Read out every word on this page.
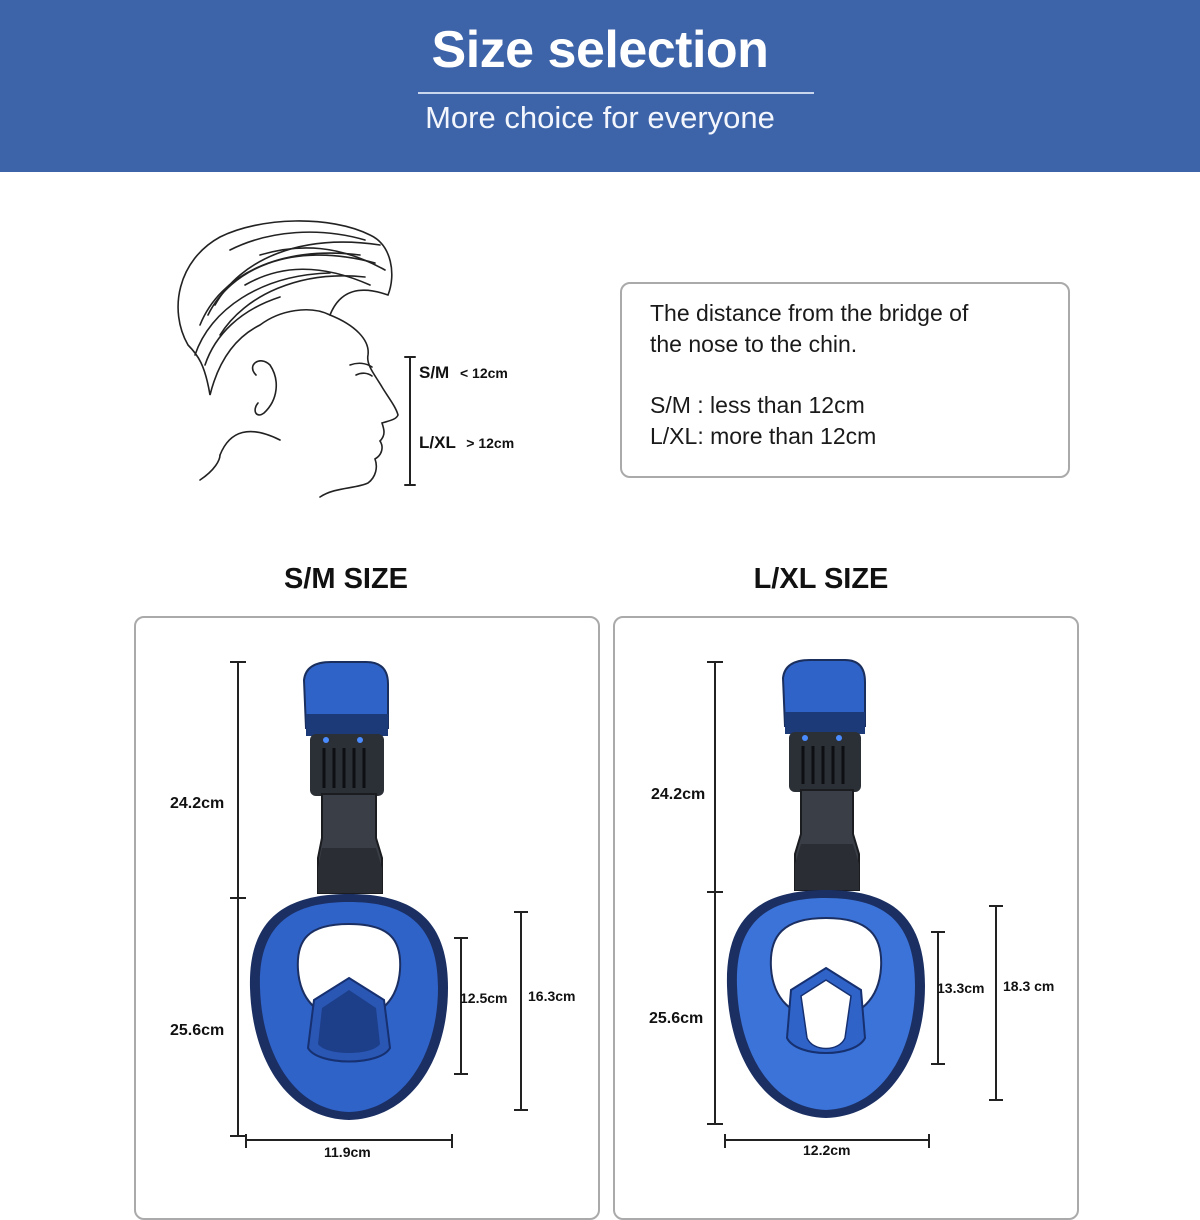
Size selection
More choice for everyone
S/M < 12cm
L/XL > 12cm
The distance from the bridge of
the nose to the chin.
S/M : less than 12cm
L/XL: more than 12cm
S/M SIZE	L/XL SIZE
24.2cm
25.6cm
12.5cm 16.3cm
11.9cm
24.2cm
25.6cm
13.3cm 18.3 cm
12.2cm
